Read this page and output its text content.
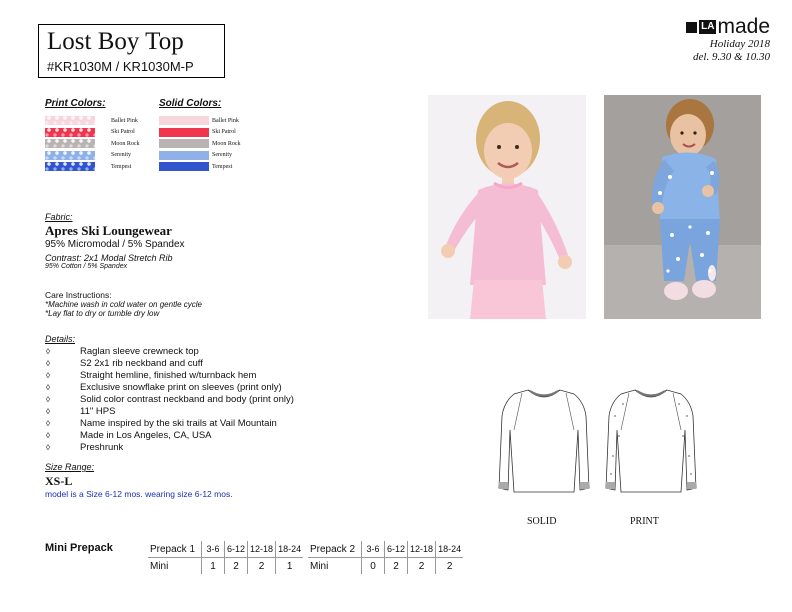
Lost Boy Top
#KR1030M / KR1030M-P
LA made
Holiday 2018
del. 9.30 & 10.30
Print Colors:
Ballet Pink
Ski Patrol
Moon Rock
Serenity
Tempest
Solid Colors:
Ballet Pink
Ski Patrol
Moon Rock
Serenity
Tempest
Fabric:
Apres Ski Loungewear
95% Micromodal / 5% Spandex
Contrast: 2x1 Modal Stretch Rib
95% Cotton / 5% Spandex
Care Instructions:
*Machine wash in cold water on gentle cycle
*Lay flat to dry or tumble dry low
Details:
◊	Raglan sleeve crewneck top
◊	S2 2x1 rib neckband and cuff
◊	Straight hemline, finished w/turnback hem
◊	Exclusive snowflake print on sleeves (print only)
◊	Solid color contrast neckband and body (print only)
◊	11" HPS
◊	Name inspired by the ski trails at Vail Mountain
◊	Made in Los Angeles, CA, USA
◊	Preshrunk
Size Range:
XS-L
model is a Size 6-12 mos. wearing size 6-12 mos.
SOLID	PRINT
Mini Prepack	Prepack 1	3-6	6-12	12-18	18-24
Mini	1	2	2	1
Prepack 2	3-6	6-12	12-18	18-24
Mini	0	2	2	2
